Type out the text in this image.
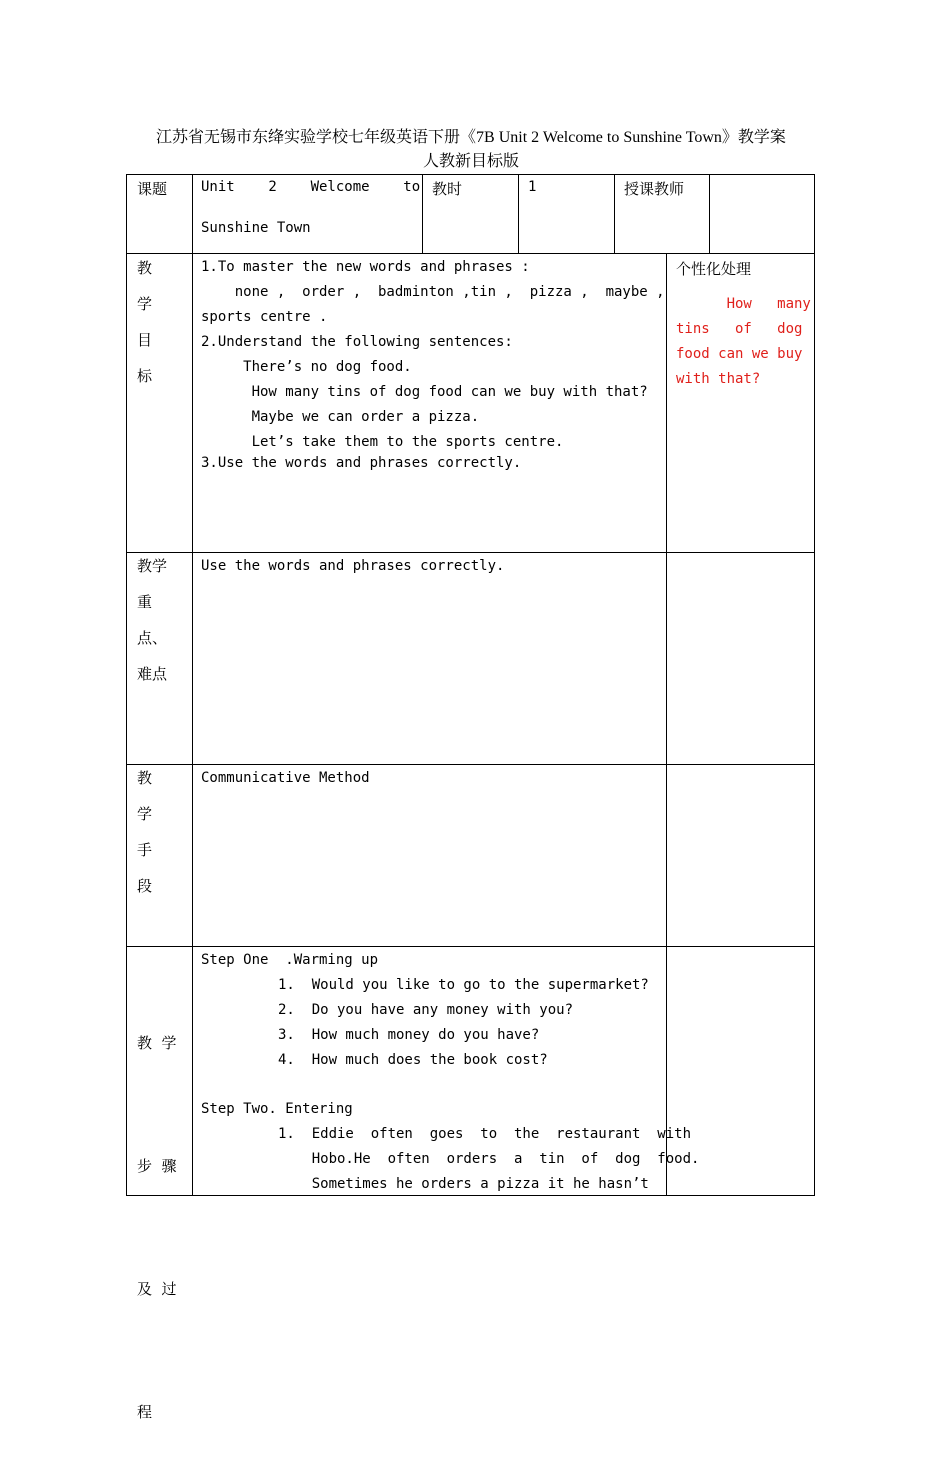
江苏省无锡市东绛实验学校七年级英语下册《7B Unit 2 Welcome to Sunshine Town》教学案
人教新目标版
课题 Unit    2    Welcome    to
Sunshine Town
教时	1	授课教师
教
学
目
标
1.To master the new words and phrases :
none ,  order ,  badminton ,tin ,  pizza ,  maybe ,
sports centre .
2.Understand the following sentences:
There’s no dog food.
How many tins of dog food can we buy with that?
Maybe we can order a pizza.
Let’s take them to the sports centre.
3.Use the words and phrases correctly.
个性化处理
How   many
tins   of   dog
food can we buy
with that?
教学
重
点、
难点
Use the words and phrases correctly.
教
学
手
段
Communicative Method

教  学

步  骤

及  过

程

Step One  .Warming up
1.  Would you like to go to the supermarket?
2.  Do you have any money with you?
3.  How much money do you have?
4.  How much does the book cost?
Step Two. Entering
1.  Eddie  often  goes  to  the  restaurant  with
Hobo.He  often  orders  a  tin  of  dog  food.
Sometimes he orders a pizza it he hasn’t
